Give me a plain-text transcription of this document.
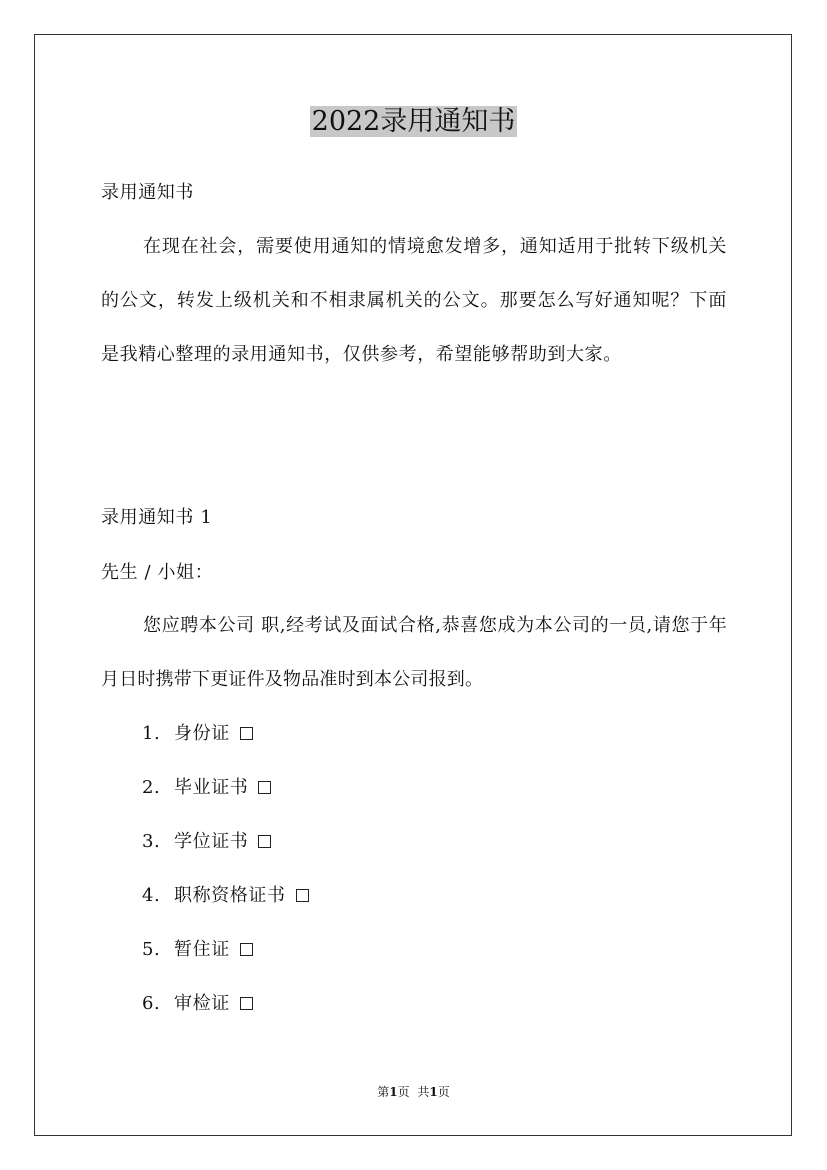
2022录用通知书

录用通知书

在现在社会，需要使用通知的情境愈发增多，通知适用于批转下级机关的公文，转发上级机关和不相隶属机关的公文。那要怎么写好通知呢？下面是我精心整理的录用通知书，仅供参考，希望能够帮助到大家。

录用通知书 1

先生 / 小姐：

您应聘本公司 职,经考试及面试合格,恭喜您成为本公司的一员,请您于年月日时携带下更证件及物品准时到本公司报到。

1. 身份证
2. 毕业证书
3. 学位证书
4. 职称资格证书
5. 暂住证
6. 审检证
第1页 共1页
